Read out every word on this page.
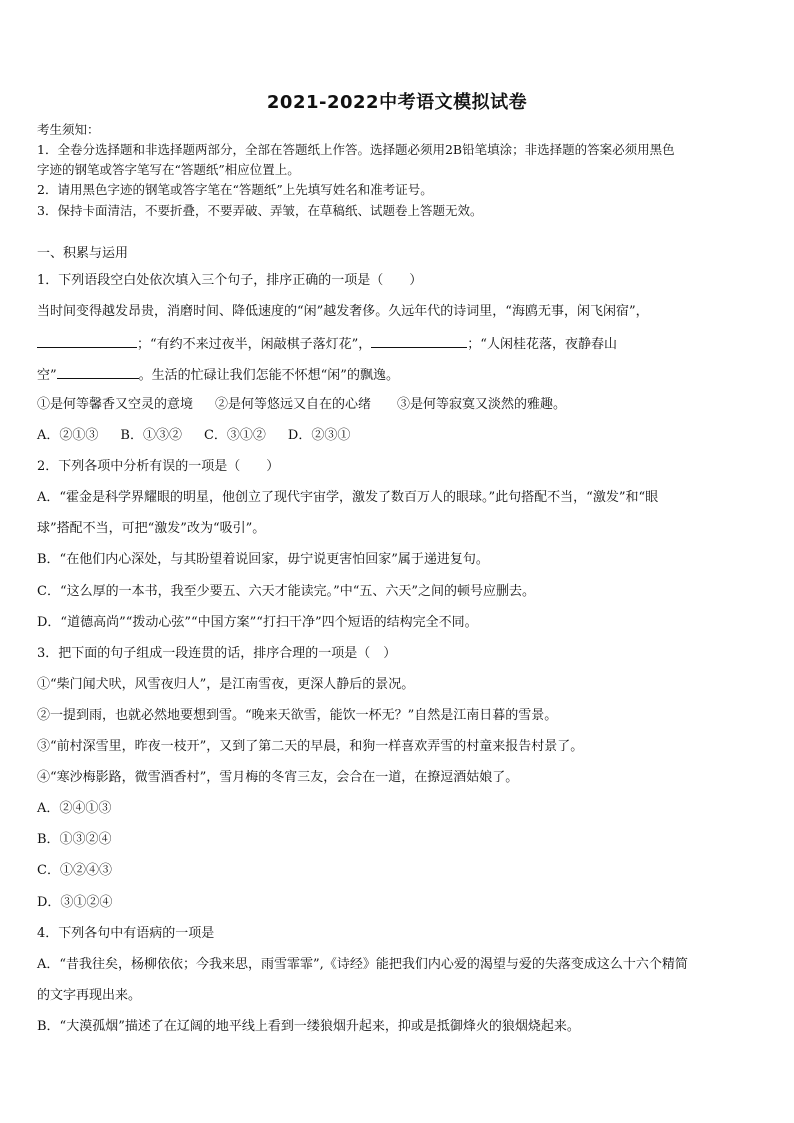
2021-2022中考语文模拟试卷
考生须知：
1．全卷分选择题和非选择题两部分，全部在答题纸上作答。选择题必须用2B铅笔填涂；非选择题的答案必须用黑色
字迹的钢笔或答字笔写在“答题纸”相应位置上。
2．请用黑色字迹的钢笔或答字笔在“答题纸”上先填写姓名和准考证号。
3．保持卡面清洁，不要折叠，不要弄破、弄皱，在草稿纸、试题卷上答题无效。
一、积累与运用
1．下列语段空白处依次填入三个句子，排序正确的一项是（　　）
当时间变得越发昂贵，消磨时间、降低速度的“闲”越发奢侈。久远年代的诗词里，“海鸥无事，闲飞闲宿”，
；“有约不来过夜半，闲敲棋子落灯花”，	；“人闲桂花落，夜静春山
空”	。生活的忙碌让我们怎能不怀想“闲”的飘逸。
①是何等馨香又空灵的意境 ②是何等悠远又自在的心绪 ③是何等寂寞又淡然的雅趣。
A．②①③ B．①③② C．③①② D．②③①
2．下列各项中分析有误的一项是（　　）
A．“霍金是科学界耀眼的明星，他创立了现代宇宙学，激发了数百万人的眼球。”此句搭配不当，“激发”和“眼
球”搭配不当，可把“激发”改为“吸引”。
B．“在他们内心深处，与其盼望着说回家，毋宁说更害怕回家”属于递进复句。
C．“这么厚的一本书，我至少要五、六天才能读完。”中“五、六天”之间的顿号应删去。
D．“道德高尚”“拨动心弦”“中国方案”“打扫干净”四个短语的结构完全不同。
3．把下面的句子组成一段连贯的话，排序合理的一项是（　）
①“柴门闻犬吠，风雪夜归人”，是江南雪夜，更深人静后的景况。
②一提到雨，也就必然地要想到雪。“晚来天欲雪，能饮一杯无？”自然是江南日暮的雪景。
③“前村深雪里，昨夜一枝开”，又到了第二天的早晨，和狗一样喜欢弄雪的村童来报告村景了。
④“寒沙梅影路，微雪酒香村”，雪月梅的冬宵三友，会合在一道，在撩逗酒姑娘了。
A．②④①③
B．①③②④
C．①②④③
D．③①②④
4．下列各句中有语病的一项是
A．“昔我往矣，杨柳依依；今我来思，雨雪霏霏”,《诗经》能把我们内心爱的渴望与爱的失落变成这么十六个精简
的文字再现出来。
B．“大漠孤烟”描述了在辽阔的地平线上看到一缕狼烟升起来，抑或是抵御烽火的狼烟烧起来。
